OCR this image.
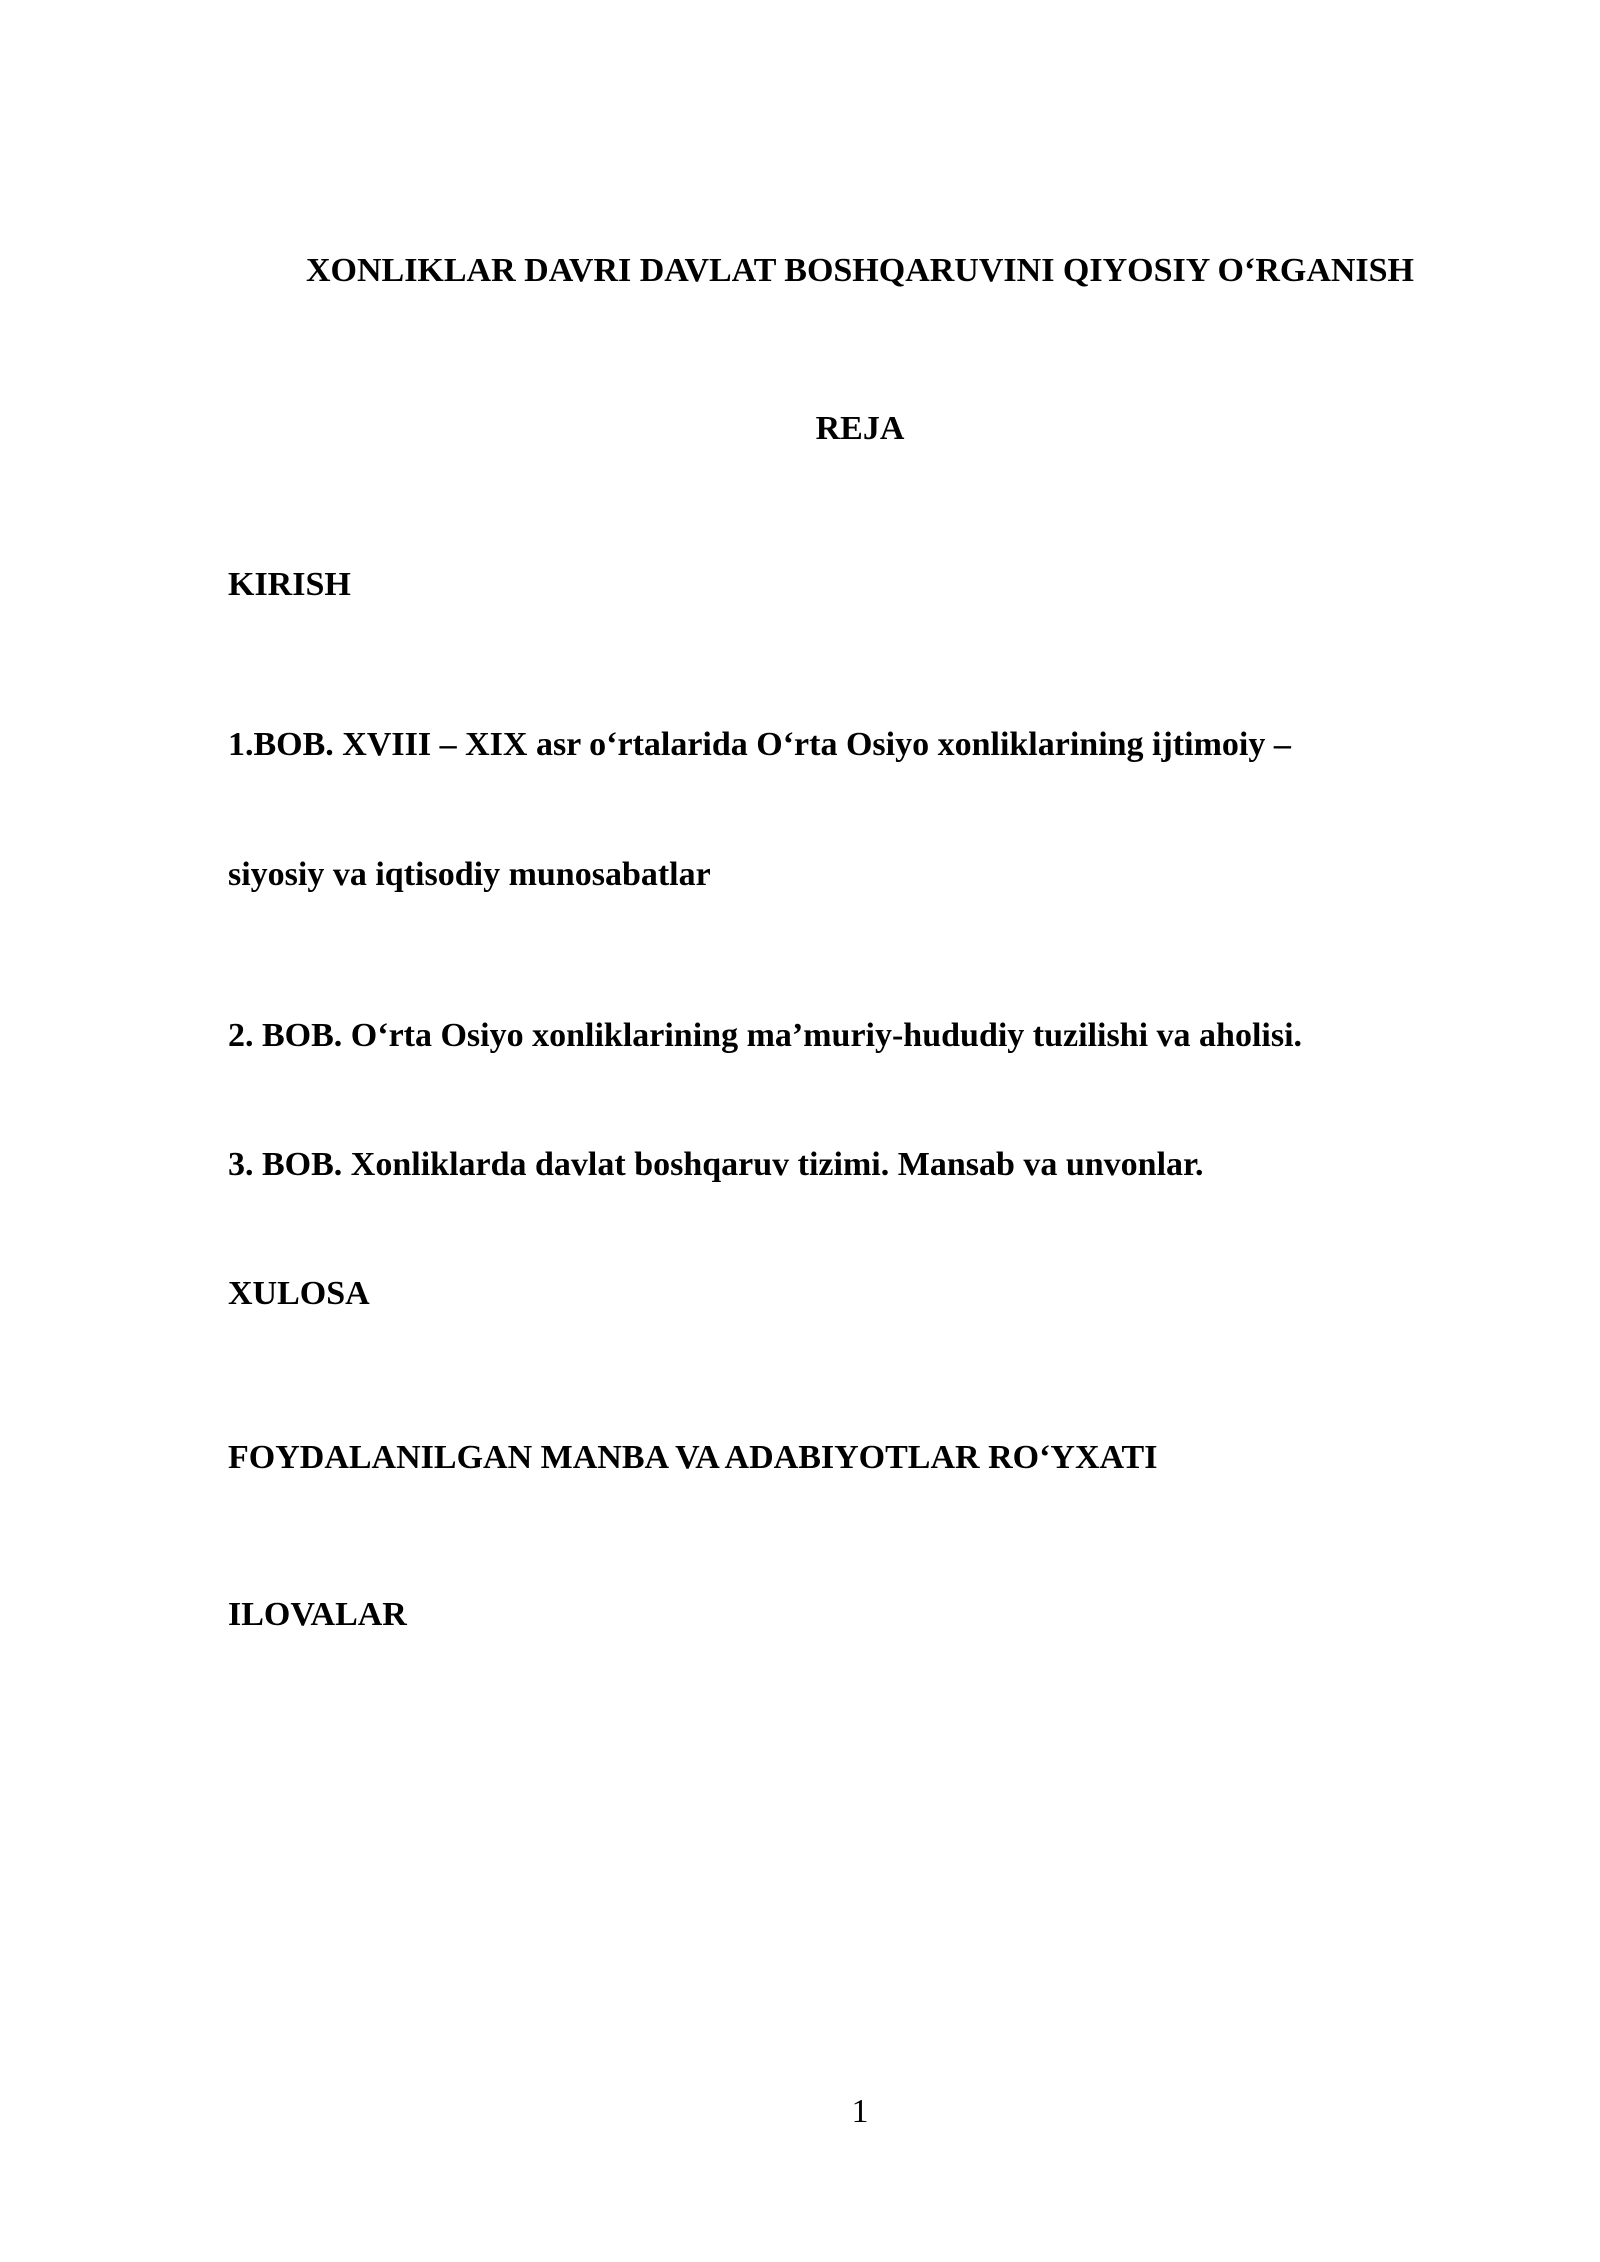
XONLIKLAR DAVRI DAVLAT BOSHQARUVINI QIYOSIY O‘RGANISH
REJA
KIRISH
1.BOB. XVIII – XIX asr o‘rtalarida O‘rta Osiyo xonliklarining ijtimoiy –
siyosiy va iqtisodiy munosabatlar
2. BOB. O‘rta Osiyo xonliklarining ma’muriy-hududiy tuzilishi va aholisi.
3. BOB. Xonliklarda davlat boshqaruv tizimi. Mansab va unvonlar.
XULOSA
FOYDALANILGAN MANBA VA ADABIYOTLAR RO‘YXATI
ILOVALAR
1
